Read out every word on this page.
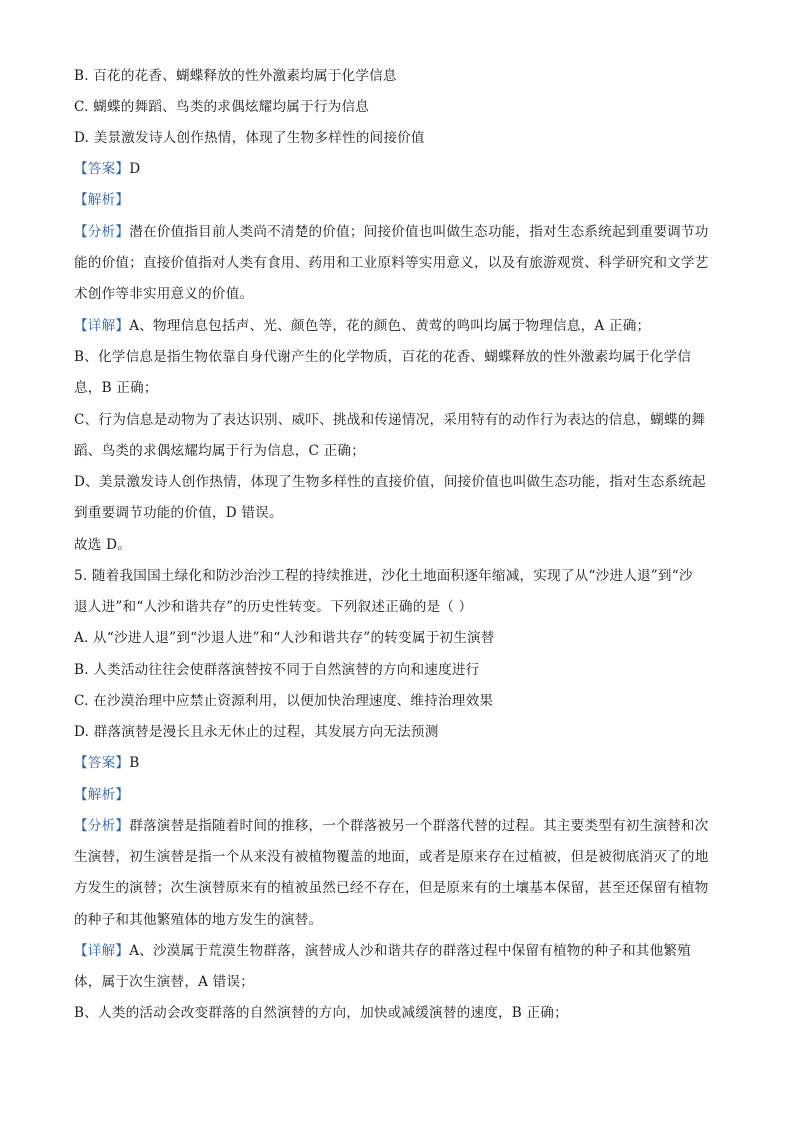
B. 百花的花香、蝴蝶释放的性外激素均属于化学信息
C. 蝴蝶的舞蹈、鸟类的求偶炫耀均属于行为信息
D. 美景激发诗人创作热情，体现了生物多样性的间接价值
【答案】D
【解析】
【分析】潜在价值指目前人类尚不清楚的价值；间接价值也叫做生态功能，指对生态系统起到重要调节功
能的价值；直接价值指对人类有食用、药用和工业原料等实用意义，以及有旅游观赏、科学研究和文学艺
术创作等非实用意义的价值。
【详解】A、物理信息包括声、光、颜色等，花的颜色、黄莺的鸣叫均属于物理信息，A 正确；
B、化学信息是指生物依靠自身代谢产生的化学物质，百花的花香、蝴蝶释放的性外激素均属于化学信
息，B 正确；
C、行为信息是动物为了表达识别、威吓、挑战和传递情况，采用特有的动作行为表达的信息，蝴蝶的舞
蹈、鸟类的求偶炫耀均属于行为信息，C 正确；
D、美景激发诗人创作热情，体现了生物多样性的直接价值，间接价值也叫做生态功能，指对生态系统起
到重要调节功能的价值，D 错误。
故选 D。
5. 随着我国国土绿化和防沙治沙工程的持续推进，沙化土地面积逐年缩减，实现了从“沙进人退”到“沙
退人进”和“人沙和谐共存”的历史性转变。下列叙述正确的是（ ）
A. 从“沙进人退”到“沙退人进”和“人沙和谐共存”的转变属于初生演替
B. 人类活动往往会使群落演替按不同于自然演替的方向和速度进行
C. 在沙漠治理中应禁止资源利用，以便加快治理速度、维持治理效果
D. 群落演替是漫长且永无休止的过程，其发展方向无法预测
【答案】B
【解析】
【分析】群落演替是指随着时间的推移，一个群落被另一个群落代替的过程。其主要类型有初生演替和次
生演替，初生演替是指一个从来没有被植物覆盖的地面，或者是原来存在过植被，但是被彻底消灭了的地
方发生的演替；次生演替原来有的植被虽然已经不存在，但是原来有的土壤基本保留，甚至还保留有植物
的种子和其他繁殖体的地方发生的演替。
【详解】A、沙漠属于荒漠生物群落，演替成人沙和谐共存的群落过程中保留有植物的种子和其他繁殖
体，属于次生演替，A 错误；
B、人类的活动会改变群落的自然演替的方向，加快或减缓演替的速度，B 正确；
